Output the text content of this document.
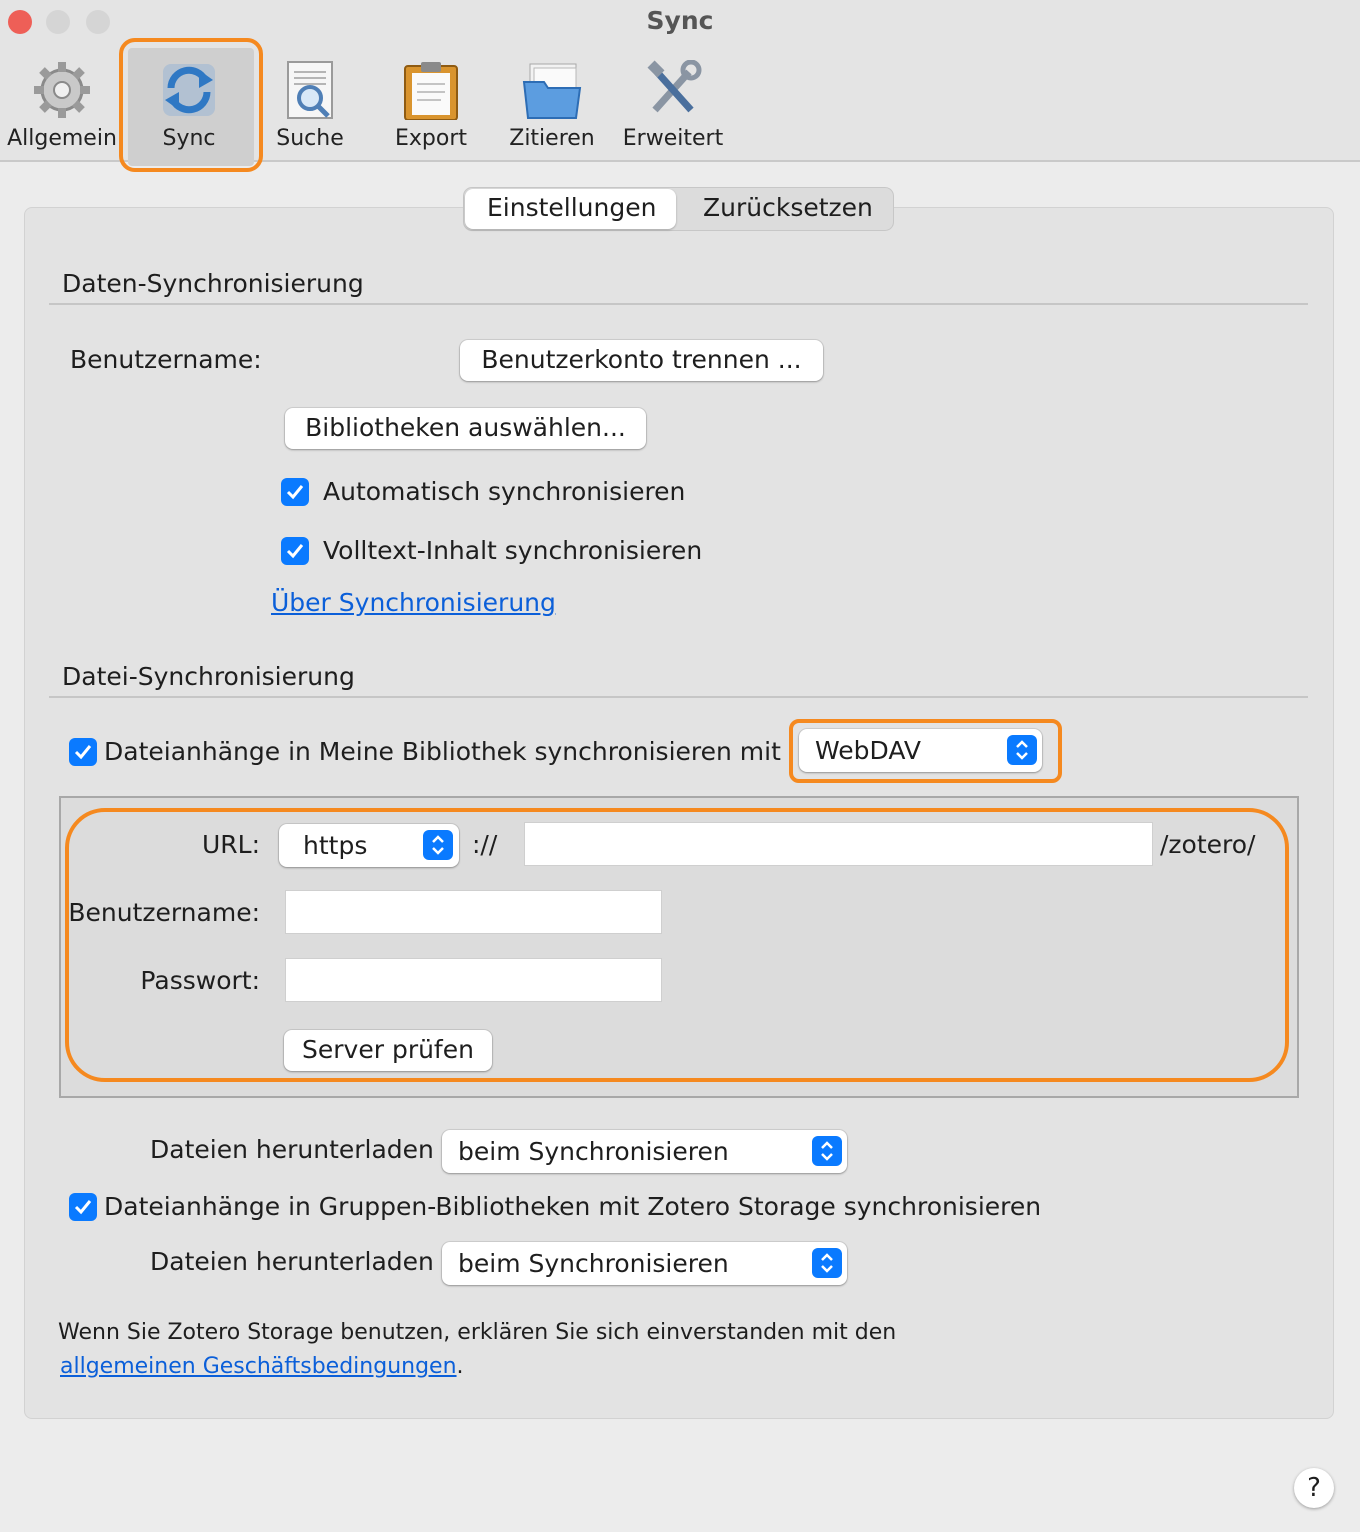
Sync
Allgemein	Sync	Suche	Export	Zitieren	Erweitert
Einstellungen Zurücksetzen
Daten-Synchronisierung
Benutzername:	Benutzerkonto trennen ...
Bibliotheken auswählen...
Automatisch synchronisieren
Volltext-Inhalt synchronisieren
Über Synchronisierung
Datei-Synchronisierung
Dateianhänge in Meine Bibliothek synchronisieren mit WebDAV
URL: https	://	/zotero/
Benutzername:
Passwort:
Server prüfen
Dateien herunterladen beim Synchronisieren
Dateianhänge in Gruppen-Bibliotheken mit Zotero Storage synchronisieren
Dateien herunterladen beim Synchronisieren
Wenn Sie Zotero Storage benutzen, erklären Sie sich einverstanden mit den
allgemeinen Geschäftsbedingungen.
?
